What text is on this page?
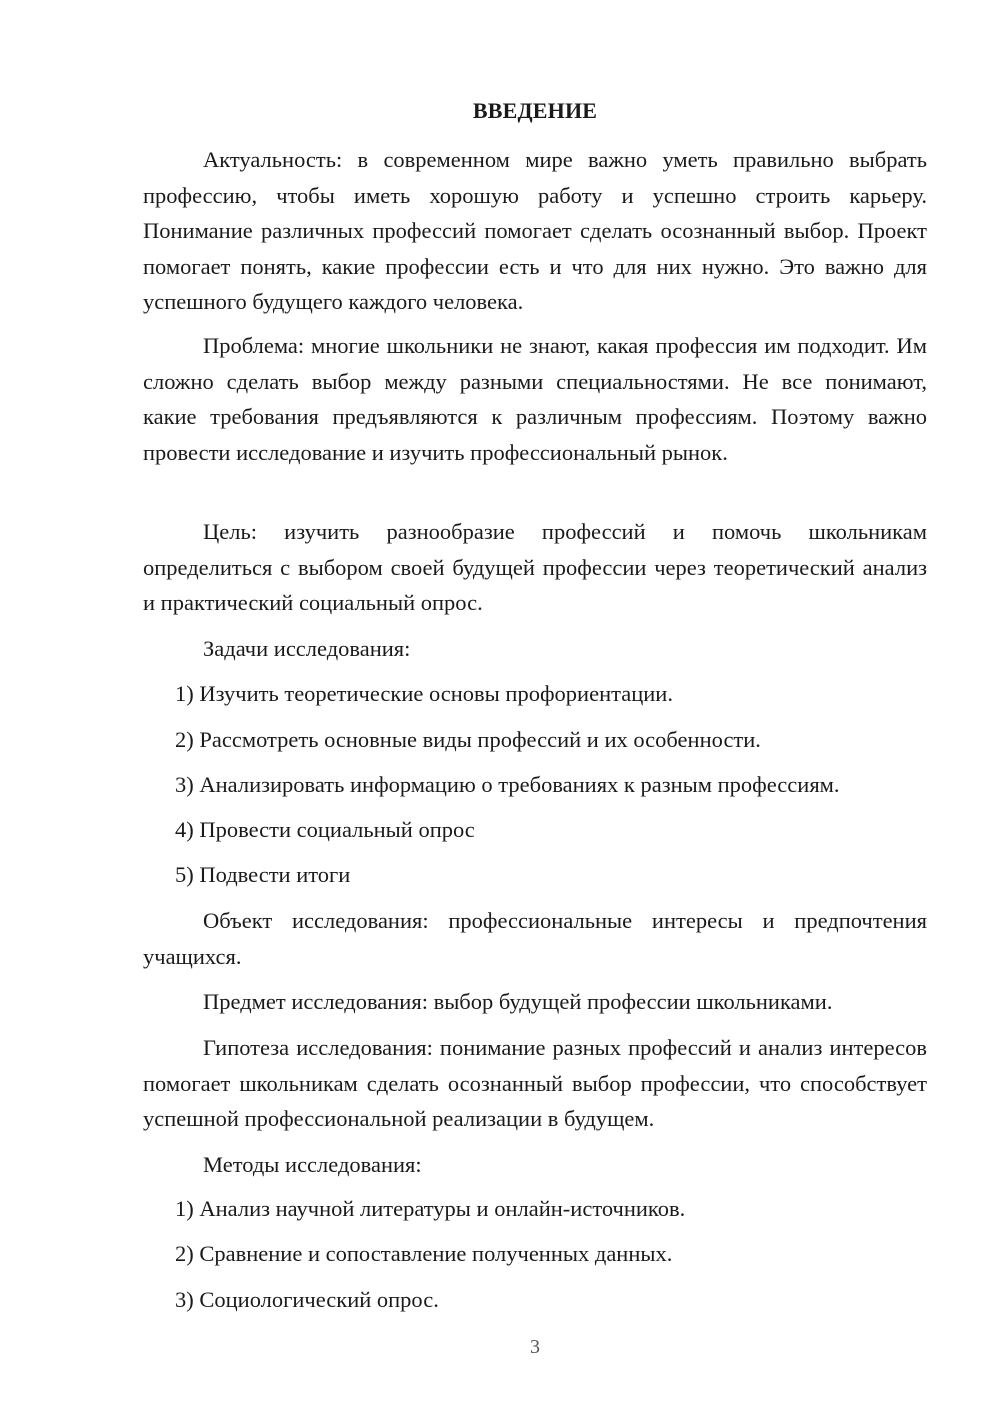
ВВЕДЕНИЕ

Актуальность: в современном мире важно уметь правильно выбрать профессию, чтобы иметь хорошую работу и успешно строить карьеру. Понимание различных профессий помогает сделать осознанный выбор. Проект помогает понять, какие профессии есть и что для них нужно. Это важно для успешного будущего каждого человека.

Проблема: многие школьники не знают, какая профессия им подходит. Им сложно сделать выбор между разными специальностями. Не все понимают, какие требования предъявляются к различным профессиям. Поэтому важно провести исследование и изучить профессиональный рынок.

Цель: изучить разнообразие профессий и помочь школьникам определиться с выбором своей будущей профессии через теоретический анализ и практический социальный опрос.

Задачи исследования:

1) Изучить теоретические основы профориентации.

2) Рассмотреть основные виды профессий и их особенности.

3) Анализировать информацию о требованиях к разным профессиям.

4) Провести социальный опрос

5) Подвести итоги

Объект исследования: профессиональные интересы и предпочтения учащихся.

Предмет исследования: выбор будущей профессии школьниками.

Гипотеза исследования: понимание разных профессий и анализ интересов помогает школьникам сделать осознанный выбор профессии, что способствует успешной профессиональной реализации в будущем.

Методы исследования:

1) Анализ научной литературы и онлайн-источников.

2) Сравнение и сопоставление полученных данных.

3) Социологический опрос.

3
